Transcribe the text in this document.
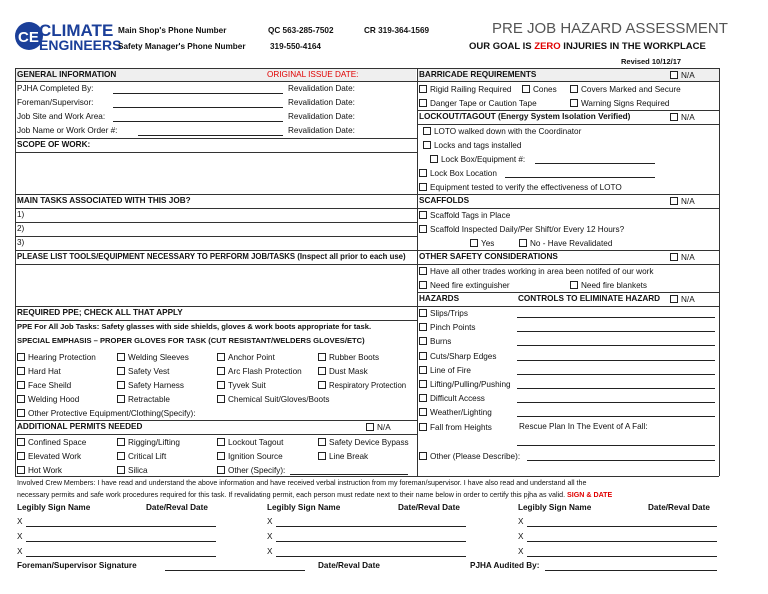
CE CLIMATE
ENGINEERS
Main Shop's Phone Number	QC 563-285-7502	CR 319-364-1569
Safety Manager's Phone Number	319-550-4164
PRE JOB HAZARD ASSESSMENT
OUR GOAL IS ZERO INJURIES IN THE WORKPLACE
Revised 10/12/17
GENERAL INFORMATION	ORIGINAL ISSUE DATE:
PJHA Completed By:	Revalidation Date:
Foreman/Supervisor:	Revalidation Date:
Job Site and Work Area:	Revalidation Date:
Job Name or Work Order #:	Revalidation Date:
SCOPE OF WORK:
MAIN TASKS ASSOCIATED WITH THIS JOB?
1)
2)
3)
PLEASE LIST TOOLS/EQUIPMENT NECESSARY TO PERFORM JOB/TASKS (Inspect all prior to each use)
REQUIRED PPE; CHECK ALL THAT APPLY
PPE For All Job Tasks: Safety glasses with side shields, gloves & work boots appropriate for task.
SPECIAL EMPHASIS – PROPER GLOVES FOR TASK (CUT RESISTANT/WELDERS GLOVES/ETC)
Hearing Protection	Welding Sleeves	Anchor Point	Rubber Boots
Hard Hat	Safety Vest	Arc Flash Protection	Dust Mask
Face Sheild	Safety Harness	Tyvek Suit	Respiratory Protection
Welding Hood	Retractable	Chemical Suit/Gloves/Boots
Other Protective Equipment/Clothing(Specify):
ADDITIONAL PERMITS NEEDED	N/A
Confined Space	Rigging/Lifting	Lockout Tagout	Safety Device Bypass
Elevated Work	Critical Lift	Ignition Source	Line Break
Hot Work	Silica	Other (Specify):
BARRICADE REQUIREMENTS	N/A
Rigid Railing Required	Cones	Covers Marked and Secure
Danger Tape or Caution Tape	Warning Signs Required
LOCKOUT/TAGOUT (Energy System Isolation Verified)	N/A
LOTO walked down with the Coordinator
Locks and tags installed
Lock Box/Equipment #:
Lock Box Location
Equipment tested to verify the effectiveness of LOTO
SCAFFOLDS	N/A
Scaffold Tags in Place
Scaffold Inspected Daily/Per Shift/or Every 12 Hours?
Yes	No - Have Revalidated
OTHER SAFETY CONSIDERATIONS	N/A
Have all other trades working in area been notifed of our work
Need fire extinguisher	Need fire blankets
HAZARDS	CONTROLS TO ELIMINATE HAZARD	N/A
Slips/Trips
Pinch Points
Burns
Cuts/Sharp Edges
Line of Fire
Lifting/Pulling/Pushing
Difficult Access
Weather/Lighting
Fall from Heights	Rescue Plan In The Event of A Fall:
Other (Please Describe):
Involved Crew Members: I have read and understand the above information and have received verbal instruction from my foreman/supervisor. I have also read and understand all the
necessary permits and safe work procedures required for this task. If revalidating permit, each person must redate next to their name below in order to certify this pjha as valid. SIGN & DATE
Legibly Sign Name	Date/Reval Date	Legibly Sign Name	Date/Reval Date	Legibly Sign Name	Date/Reval Date
X	X	X
X	X	X
X	X	X
Foreman/Supervisor Signature	Date/Reval Date	PJHA Audited By:
